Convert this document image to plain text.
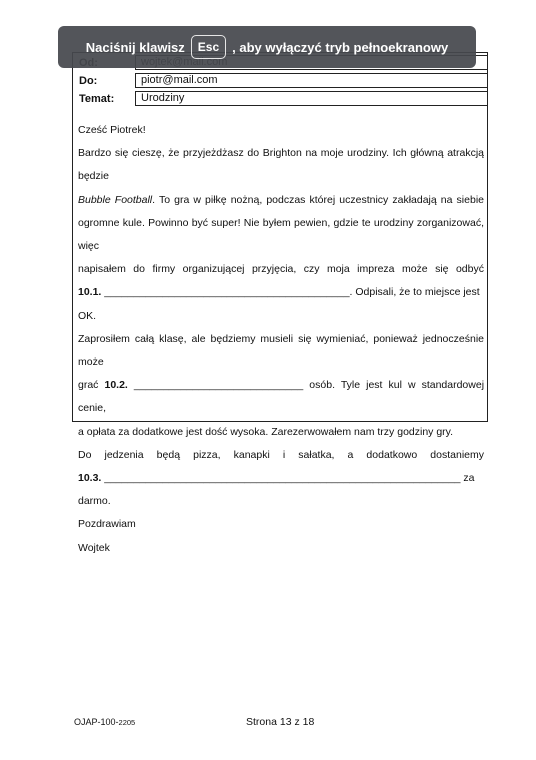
Do:	piotr@mail.com
Temat:	Urodziny

Cześć Piotrek!

Bardzo się cieszę, że przyjeżdżasz do Brighton na moje urodziny. Ich główną atrakcją będzie

Bubble Football. To gra w piłkę nożną, podczas której uczestnicy zakładają na siebie

ogromne kule. Powinno być super! Nie byłem pewien, gdzie te urodziny zorganizować, więc

napisałem do firmy organizującej przyjęcia, czy moja impreza może się odbyć

10.1. __________________________________________. Odpisali, że to miejsce jest OK.

Zaprosiłem całą klasę, ale będziemy musieli się wymieniać, ponieważ jednocześnie może

grać 10.2. _____________________________ osób. Tyle jest kul w standardowej cenie,

a opłata za dodatkowe jest dość wysoka. Zarezerwowałem nam trzy godziny gry.

Do jedzenia będą pizza, kanapki i sałatka, a dodatkowo dostaniemy

10.3. _____________________________________________________________ za darmo.

Pozdrawiam

Wojtek

Naciśnij klawisz	Esc	, aby wyłączyć tryb pełnoekranowy
OJAP-100-2205	Strona 13 z 18
